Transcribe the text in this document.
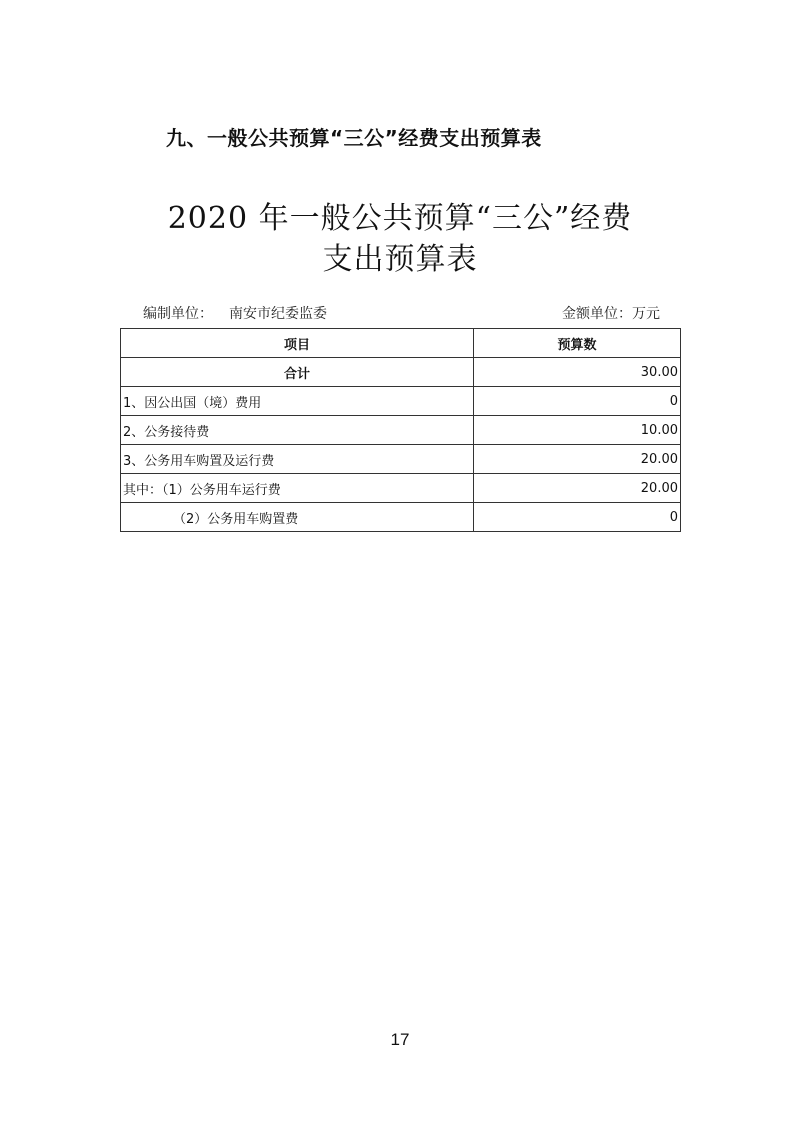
九、一般公共预算“三公”经费支出预算表
2020 年一般公共预算“三公”经费
支出预算表
编制单位： 南安市纪委监委	金额单位：万元
项目	预算数
合计	30.00
1、因公出国（境）费用	0
2、公务接待费	10.00
3、公务用车购置及运行费	20.00
其中：（1）公务用车运行费	20.00
（2）公务用车购置费	0
17
